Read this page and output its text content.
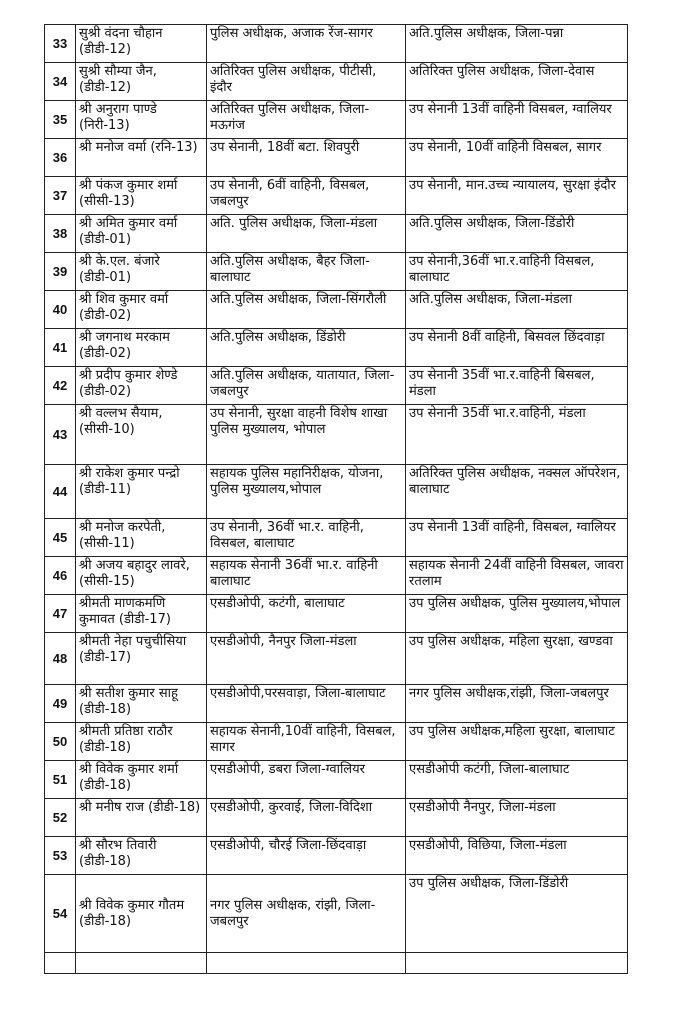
33	सुश्री वंदना चौहान (डीडी-12)	पुलिस अधीक्षक, अजाक रेंज-सागर	अति.पुलिस अधीक्षक, जिला-पन्ना
34	सुश्री सौम्या जैन, (डीडी-12)	अतिरिक्त पुलिस अधीक्षक, पीटीसी, इंदौर	अतिरिक्त पुलिस अधीक्षक, जिला-देवास
35	श्री अनुराग पाण्डे (निरी-13)	अतिरिक्त पुलिस अधीक्षक, जिला-मऊगंज	उप सेनानी 13वीं वाहिनी विसबल, ग्वालियर
36	श्री मनोज वर्मा (रनि-13)	उप सेनानी, 18वीं बटा. शिवपुरी	उप सेनानी, 10वीं वाहिनी विसबल, सागर
37	श्री पंकज कुमार शर्मा (सीसी-13)	उप सेनानी, 6वीं वाहिनी, विसबल, जबलपुर	उप सेनानी, मान.उच्च न्यायालय, सुरक्षा इंदौर
38	श्री अमित कुमार वर्मा (डीडी-01)	अति. पुलिस अधीक्षक, जिला-मंडला	अति.पुलिस अधीक्षक, जिला-डिंडोरी
39	श्री के.एल. बंजारे (डीडी-01)	अति.पुलिस अधीक्षक, बैहर जिला-बालाघाट	उप सेनानी,36वीं भा.र.वाहिनी विसबल, बालाघाट
40	श्री शिव कुमार वर्मा (डीडी-02)	अति.पुलिस अधीक्षक, जिला-सिंगरौली	अति.पुलिस अधीक्षक, जिला-मंडला
41	श्री जगनाथ मरकाम (डीडी-02)	अति.पुलिस अधीक्षक, डिंडोरी	उप सेनानी 8वीं वाहिनी, बिसवल छिंदवाड़ा
42	श्री प्रदीप कुमार शेण्डे (डीडी-02)	अति.पुलिस अधीक्षक, यातायात, जिला-जबलपुर	उप सेनानी 35वीं भा.र.वाहिनी बिसबल, मंडला
43	श्री वल्लभ सैयाम, (सीसी-10)	उप सेनानी, सुरक्षा वाहनी विशेष शाखा पुलिस मुख्यालय, भोपाल	उप सेनानी 35वीं भा.र.वाहिनी, मंडला
44	श्री राकेश कुमार पन्द्रो (डीडी-11)	सहायक पुलिस महानिरीक्षक, योजना, पुलिस मुख्यालय,भोपाल	अतिरिक्त पुलिस अधीक्षक, नक्सल ऑपरेशन, बालाघाट
45	श्री मनोज करपेती, (सीसी-11)	उप सेनानी, 36वीं भा.र. वाहिनी, विसबल, बालाघाट	उप सेनानी 13वीं वाहिनी, विसबल, ग्वालियर
46	श्री अजय बहादुर लावरे, (सीसी-15)	सहायक सेनानी 36वीं भा.र. वाहिनी बालाघाट	सहायक सेनानी 24वीं वाहिनी विसबल, जावरा रतलाम
47	श्रीमती माणकमणि कुमावत (डीडी-17)	एसडीओपी, कटंगी, बालाघाट	उप पुलिस अधीक्षक, पुलिस मुख्यालय,भोपाल
48	श्रीमती नेहा पचुचीसिया (डीडी-17)	एसडीओपी, नैनपुर जिला-मंडला	उप पुलिस अधीक्षक, महिला सुरक्षा, खण्डवा
49	श्री सतीश कुमार साहू (डीडी-18)	एसडीओपी,परसवाड़ा, जिला-बालाघाट	नगर पुलिस अधीक्षक,रांझी, जिला-जबलपुर
50	श्रीमती प्रतिष्ठा राठौर (डीडी-18)	सहायक सेनानी,10वीं वाहिनी, विसबल, सागर	उप पुलिस अधीक्षक,महिला सुरक्षा, बालाघाट
51	श्री विवेक कुमार शर्मा (डीडी-18)	एसडीओपी, डबरा जिला-ग्वालियर	एसडीओपी कटंगी, जिला-बालाघाट
52	श्री मनीष राज (डीडी-18)	एसडीओपी, कुरवाई, जिला-विदिशा	एसडीओपी नैनपुर, जिला-मंडला
53	श्री सौरभ तिवारी (डीडी-18)	एसडीओपी, चौरई जिला-छिंदवाड़ा	एसडीओपी, विछिया, जिला-मंडला
54	श्री विवेक कुमार गौतम (डीडी-18)	नगर पुलिस अधीक्षक, रांझी, जिला-जबलपुर	उप पुलिस अधीक्षक, जिला-डिंडोरी
